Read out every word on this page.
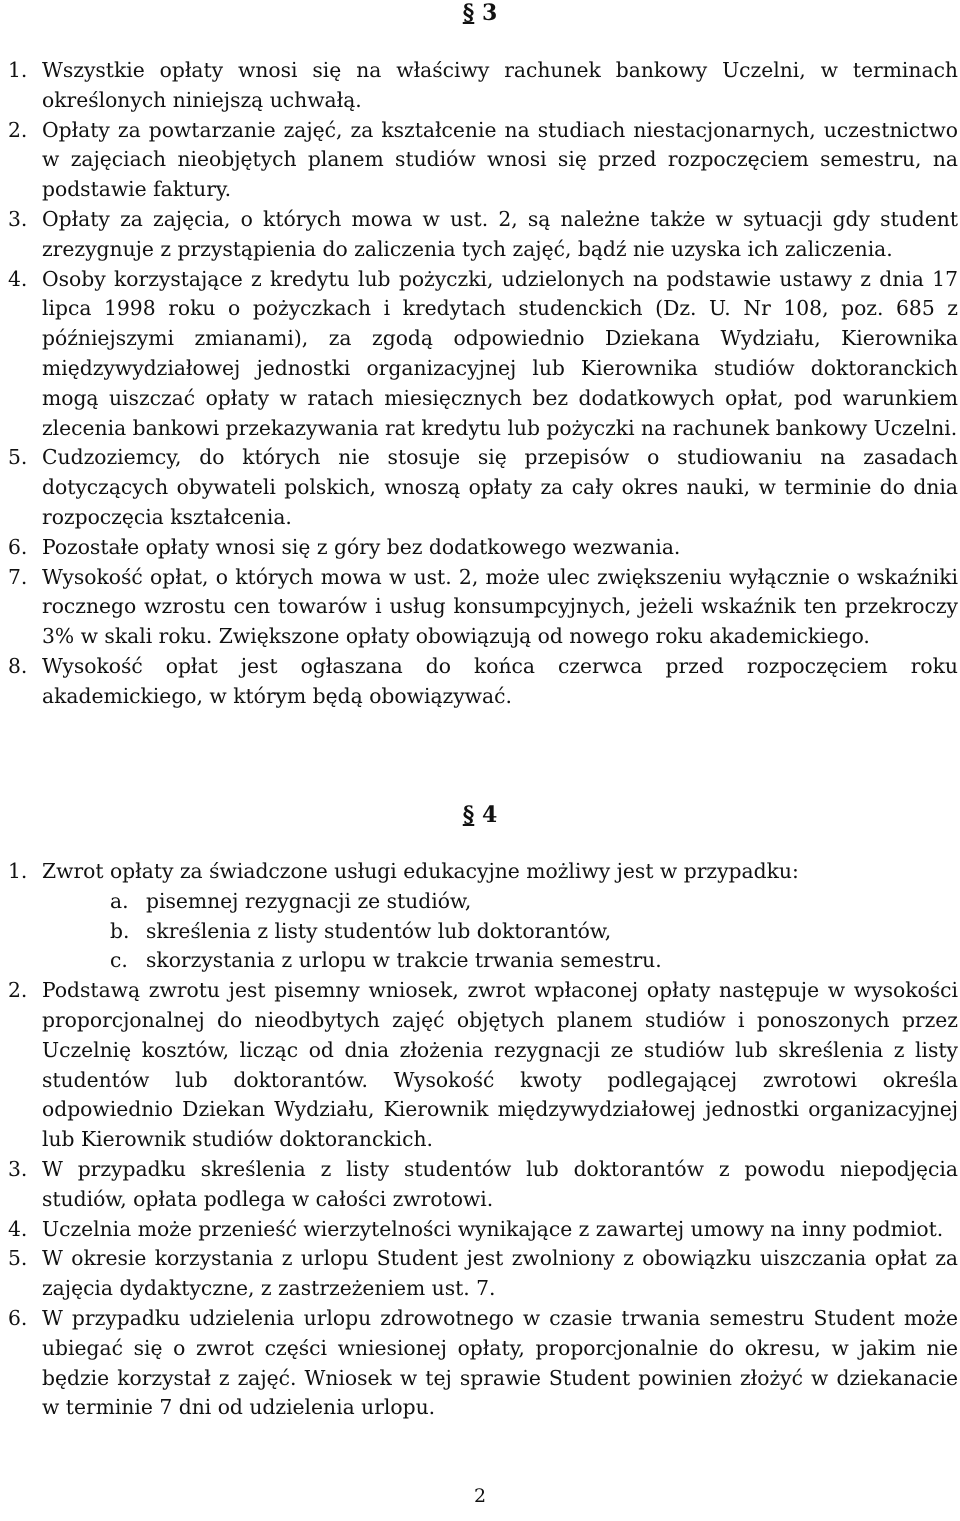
§ 3
1. Wszystkie opłaty wnosi się na właściwy rachunek bankowy Uczelni, w terminach określonych niniejszą uchwałą.
2. Opłaty za powtarzanie zajęć, za kształcenie na studiach niestacjonarnych, uczestnictwo w zajęciach nieobjętych planem studiów wnosi się przed rozpoczęciem semestru, na podstawie faktury.
3. Opłaty za zajęcia, o których mowa w ust. 2, są należne także w sytuacji gdy student zrezygnuje z przystąpienia do zaliczenia tych zajęć, bądź nie uzyska ich zaliczenia.
4. Osoby korzystające z kredytu lub pożyczki, udzielonych na podstawie ustawy z dnia 17 lipca 1998 roku o pożyczkach i kredytach studenckich (Dz. U. Nr 108, poz. 685 z późniejszymi zmianami), za zgodą odpowiednio Dziekana Wydziału, Kierownika międzywydziałowej jednostki organizacyjnej lub Kierownika studiów doktoranckich mogą uiszczać opłaty w ratach miesięcznych bez dodatkowych opłat, pod warunkiem zlecenia bankowi przekazywania rat kredytu lub pożyczki na rachunek bankowy Uczelni.
5. Cudzoziemcy, do których nie stosuje się przepisów o studiowaniu na zasadach dotyczących obywateli polskich, wnoszą opłaty za cały okres nauki, w terminie do dnia rozpoczęcia kształcenia.
6. Pozostałe opłaty wnosi się z góry bez dodatkowego wezwania.
7. Wysokość opłat, o których mowa w ust. 2, może ulec zwiększeniu wyłącznie o wskaźniki rocznego wzrostu cen towarów i usług konsumpcyjnych, jeżeli wskaźnik ten przekroczy 3% w skali roku. Zwiększone opłaty obowiązują od nowego roku akademickiego.
8. Wysokość opłat jest ogłaszana do końca czerwca przed rozpoczęciem roku akademickiego, w którym będą obowiązywać.
§ 4
1. Zwrot opłaty za świadczone usługi edukacyjne możliwy jest w przypadku:
a. pisemnej rezygnacji ze studiów,
b. skreślenia z listy studentów lub doktorantów,
c. skorzystania z urlopu w trakcie trwania semestru.
2. Podstawą zwrotu jest pisemny wniosek, zwrot wpłaconej opłaty następuje w wysokości proporcjonalnej do nieodbytych zajęć objętych planem studiów i ponoszonych przez Uczelnię kosztów, licząc od dnia złożenia rezygnacji ze studiów lub skreślenia z listy studentów lub doktorantów. Wysokość kwoty podlegającej zwrotowi określa odpowiednio Dziekan Wydziału, Kierownik międzywydziałowej jednostki organizacyjnej lub Kierownik studiów doktoranckich.
3. W przypadku skreślenia z listy studentów lub doktorantów z powodu niepodjęcia studiów, opłata podlega w całości zwrotowi.
4. Uczelnia może przenieść wierzytelności wynikające z zawartej umowy na inny podmiot.
5. W okresie korzystania z urlopu Student jest zwolniony z obowiązku uiszczania opłat za zajęcia dydaktyczne, z zastrzeżeniem ust. 7.
6. W przypadku udzielenia urlopu zdrowotnego w czasie trwania semestru Student może ubiegać się o zwrot części wniesionej opłaty, proporcjonalnie do okresu, w jakim nie będzie korzystał z zajęć. Wniosek w tej sprawie Student powinien złożyć w dziekanacie w terminie 7 dni od udzielenia urlopu.
2
